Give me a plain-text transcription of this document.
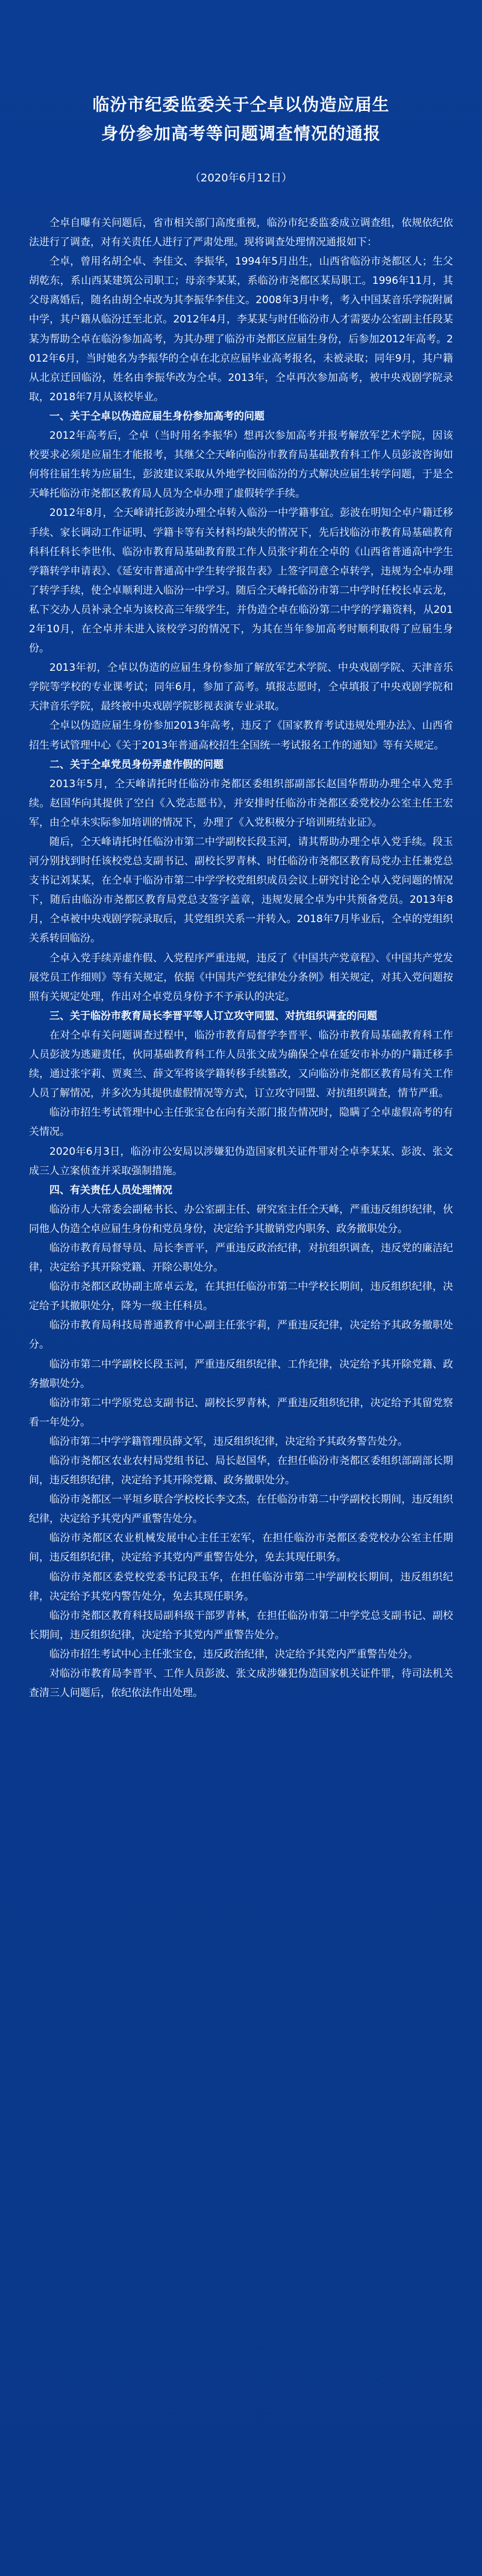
临汾市纪委监委关于仝卓以伪造应届生
身份参加高考等问题调查情况的通报
（2020年6月12日）

仝卓自曝有关问题后，省市相关部门高度重视，临汾市纪委监委成立调查组，依规依纪依法进行了调查，对有关责任人进行了严肃处理。现将调查处理情况通报如下：

仝卓，曾用名胡仝卓、李佳文、李振华，1994年5月出生，山西省临汾市尧都区人；生父胡乾东，系山西某建筑公司职工；母亲李某某，系临汾市尧都区某局职工。1996年11月，其父母离婚后，随名由胡仝卓改为其李振华李佳文。2008年3月中考，考入中国某音乐学院附属中学，其户籍从临汾迁至北京。2012年4月，李某某与时任临汾市人才需要办公室副主任段某某为帮助仝卓在临汾参加高考，为其办理了临汾市尧都区应届生身份，后参加2012年高考。2012年6月，当时她名为李振华的仝卓在北京应届毕业高考报名，未被录取；同年9月，其户籍从北京迁回临汾，姓名由李振华改为仝卓。2013年，仝卓再次参加高考，被中央戏剧学院录取，2018年7月从该校毕业。

一、关于仝卓以伪造应届生身份参加高考的问题

2012年高考后，仝卓（当时用名李振华）想再次参加高考并报考解放军艺术学院，因该校要求必须是应届生才能报考，其继父仝天峰向临汾市教育局基础教育科工作人员彭波咨询如何将往届生转为应届生，彭波建议采取从外地学校回临汾的方式解决应届生转学问题，于是仝天峰托临汾市尧都区教育局人员为仝卓办理了虚假转学手续。

2012年8月，仝天峰请托彭波办理仝卓转入临汾一中学籍事宜。彭波在明知仝卓户籍迁移手续、家长调动工作证明、学籍卡等有关材料均缺失的情况下，先后找临汾市教育局基础教育科科任科长李世伟、临汾市教育局基础教育股工作人员张宇莉在仝卓的《山西省普通高中学生学籍转学申请表》、《延安市普通高中学生转学报告表》上签字同意仝卓转学，违规为仝卓办理了转学手续，使仝卓顺利进入临汾一中学习。随后仝天峰托临汾市第二中学时任校长卓云龙，私下交办人员补录仝卓为该校高三年级学生，并伪造仝卓在临汾第二中学的学籍资料，从2012年10月，在仝卓并未进入该校学习的情况下，为其在当年参加高考时顺利取得了应届生身份。

2013年初，仝卓以伪造的应届生身份参加了解放军艺术学院、中央戏剧学院、天津音乐学院等学校的专业课考试；同年6月，参加了高考。填报志愿时，仝卓填报了中央戏剧学院和天津音乐学院，最终被中央戏剧学院影视表演专业录取。

仝卓以伪造应届生身份参加2013年高考，违反了《国家教育考试违规处理办法》、山西省招生考试管理中心《关于2013年普通高校招生全国统一考试报名工作的通知》等有关规定。

二、关于仝卓党员身份弄虚作假的问题

2013年5月，仝天峰请托时任临汾市尧都区委组织部副部长赵国华帮助办理仝卓入党手续。赵国华向其提供了空白《入党志愿书》，并安排时任临汾市尧都区委党校办公室主任王宏军，由仝卓未实际参加培训的情况下，办理了《入党积极分子培训班结业证》。

随后，仝天峰请托时任临汾市第二中学副校长段玉河，请其帮助办理仝卓入党手续。段玉河分别找到时任该校党总支副书记、副校长罗青林、时任临汾市尧都区教育局党办主任兼党总支书记刘某某，在仝卓于临汾市第二中学学校党组织成员会议上研究讨论仝卓入党问题的情况下，随后由临汾市尧都区教育局党总支签字盖章，违规发展仝卓为中共预备党员。2013年8月，仝卓被中央戏剧学院录取后，其党组织关系一并转入。2018年7月毕业后，仝卓的党组织关系转回临汾。

仝卓入党手续弄虚作假、入党程序严重违规，违反了《中国共产党章程》、《中国共产党发展党员工作细则》等有关规定，依据《中国共产党纪律处分条例》相关规定，对其入党问题按照有关规定处理，作出对仝卓党员身份予不予承认的决定。

三、关于临汾市教育局长李晋平等人订立攻守同盟、对抗组织调查的问题

在对仝卓有关问题调查过程中，临汾市教育局督学李晋平、临汾市教育局基础教育科工作人员彭波为逃避责任，伙同基础教育科工作人员张文成为确保仝卓在延安市补办的户籍迁移手续，通过张宇莉、贾爽兰、薛文军将该学籍转移手续篡改，又向临汾市尧都区教育局有关工作人员了解情况，并多次为其提供虚假情况等方式，订立攻守同盟、对抗组织调查，情节严重。

临汾市招生考试管理中心主任张宝仓在向有关部门报告情况时，隐瞒了仝卓虚假高考的有关情况。

2020年6月3日，临汾市公安局以涉嫌犯伪造国家机关证件罪对仝卓李某某、彭波、张文成三人立案侦查并采取强制措施。

四、有关责任人员处理情况

临汾市人大常委会副秘书长、办公室副主任、研究室主任仝天峰，严重违反组织纪律，伙同他人伪造仝卓应届生身份和党员身份，决定给予其撤销党内职务、政务撤职处分。

临汾市教育局督导员、局长李晋平，严重违反政治纪律，对抗组织调查，违反党的廉洁纪律，决定给予其开除党籍、开除公职处分。

临汾市尧都区政协副主席卓云龙，在其担任临汾市第二中学校长期间，违反组织纪律，决定给予其撤职处分，降为一级主任科员。

临汾市教育局科技局普通教育中心副主任张宇莉，严重违反纪律，决定给予其政务撤职处分。

临汾市第二中学副校长段玉河，严重违反组织纪律、工作纪律，决定给予其开除党籍、政务撤职处分。

临汾市第二中学原党总支副书记、副校长罗青林，严重违反组织纪律，决定给予其留党察看一年处分。

临汾市第二中学学籍管理员薛文军，违反组织纪律，决定给予其政务警告处分。

临汾市尧都区农业农村局党组书记、局长赵国华，在担任临汾市尧都区委组织部副部长期间，违反组织纪律，决定给予其开除党籍、政务撤职处分。

临汾市尧都区一平垣乡联合学校校长李文杰，在任临汾市第二中学副校长期间，违反组织纪律，决定给予其党内严重警告处分。

临汾市尧都区农业机械发展中心主任王宏军，在担任临汾市尧都区委党校办公室主任期间，违反组织纪律，决定给予其党内严重警告处分，免去其现任职务。

临汾市尧都区委党校党委书记段玉华，在担任临汾市第二中学副校长期间，违反组织纪律，决定给予其党内警告处分，免去其现任职务。

临汾市尧都区教育科技局副科级干部罗青林，在担任临汾市第二中学党总支副书记、副校长期间，违反组织纪律，决定给予其党内严重警告处分。

临汾市招生考试中心主任张宝仓，违反政治纪律，决定给予其党内严重警告处分。

对临汾市教育局李晋平、工作人员彭波、张文成涉嫌犯伪造国家机关证件罪，待司法机关查清三人问题后，依纪依法作出处理。
